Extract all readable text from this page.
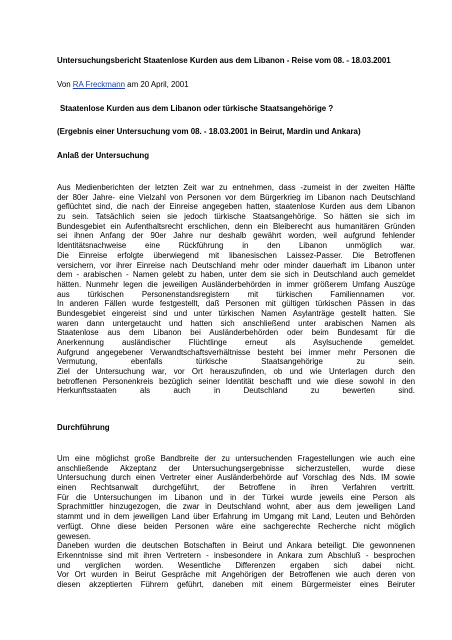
Untersuchungsbericht Staatenlose Kurden aus dem Libanon - Reise vom 08. - 18.03.2001
Von RA Freckmann am 20 April, 2001
Staatenlose Kurden aus dem Libanon oder türkische Staatsangehörige ?
(Ergebnis einer Untersuchung vom 08. - 18.03.2001 in Beirut, Mardin und Ankara)
Anlaß der Untersuchung
Aus Medienberichten der letzten Zeit war zu entnehmen, dass -zumeist in der zweiten Hälfte
der 80er Jahre- eine Vielzahl von Personen vor dem Bürgerkrieg im Libanon nach Deutschland
geflüchtet sind, die nach der Einreise angegeben hatten, staatenlose Kurden aus dem Libanon
zu sein. Tatsächlich seien sie jedoch türkische Staatsangehörige. So hätten sie sich im
Bundesgebiet ein Aufenthaltsrecht erschlichen, denn ein Bleiberecht aus humanitären Gründen
sei ihnen Anfang der 90er Jahre nur deshalb gewährt worden, weil aufgrund fehlender
Identitätsnachweise eine Rückführung in den Libanon unmöglich war.
Die Einreise erfolgte überwiegend mit libanesischen Laissez-Passer. Die Betroffenen
versichern, vor ihrer Einreise nach Deutschland mehr oder minder dauerhaft im Libanon unter
dem - arabischen - Namen gelebt zu haben, unter dem sie sich in Deutschland auch gemeldet
hätten. Nunmehr legen die jeweiligen Ausländerbehörden in immer größerem Umfang Auszüge
aus türkischen Personenstandsregistern mit türkischen Familiennamen vor.
In anderen Fällen wurde festgestellt, daß Personen mit gültigen türkischen Pässen in das
Bundesgebiet eingereist sind und unter türkischen Namen Asylanträge gestellt hatten. Sie
waren dann untergetaucht und hatten sich anschließend unter arabischen Namen als
Staatenlose aus dem Libanon bei Ausländerbehörden oder beim Bundesamt für die
Anerkennung ausländischer Flüchtlinge erneut als Asylsuchende gemeldet.
Aufgrund angegebener Verwandtschaftsverhältnisse besteht bei immer mehr Personen die
Vermutung, ebenfalls türkische Staatsangehörige zu sein.
Ziel der Untersuchung war, vor Ort herauszufinden, ob und wie Unterlagen durch den
betroffenen Personenkreis bezüglich seiner Identität beschafft und wie diese sowohl in den
Herkunftsstaaten als auch in Deutschland zu bewerten sind.
Durchführung
Um eine möglichst große Bandbreite der zu untersuchenden Fragestellungen wie auch eine
anschließende Akzeptanz der Untersuchungsergebnisse sicherzustellen, wurde diese
Untersuchung durch einen Vertreter einer Ausländerbehörde auf Vorschlag des Nds. IM sowie
einen Rechtsanwalt durchgeführt, der Betroffene in ihren Verfahren vertritt.
Für die Untersuchungen im Libanon und in der Türkei wurde jeweils eine Person als
Sprachmittler hinzugezogen, die zwar in Deutschland wohnt, aber aus dem jeweiligen Land
stammt und in dem jeweiligen Land über Erfahrung im Umgang mit Land, Leuten und Behörden
verfügt. Ohne diese beiden Personen wäre eine sachgerechte Recherche nicht möglich
gewesen.
Daneben wurden die deutschen Botschaften in Beirut und Ankara beteiligt. Die gewonnenen
Erkenntnisse sind mit ihren Vertretern - insbesondere in Ankara zum Abschluß - besprochen
und verglichen worden. Wesentliche Differenzen ergaben sich dabei nicht.
Vor Ort wurden in Beirut Gespräche mit Angehörigen der Betroffenen wie auch deren von
diesen akzeptierten Führern geführt, daneben mit einem Bürgermeister eines Beiruter
